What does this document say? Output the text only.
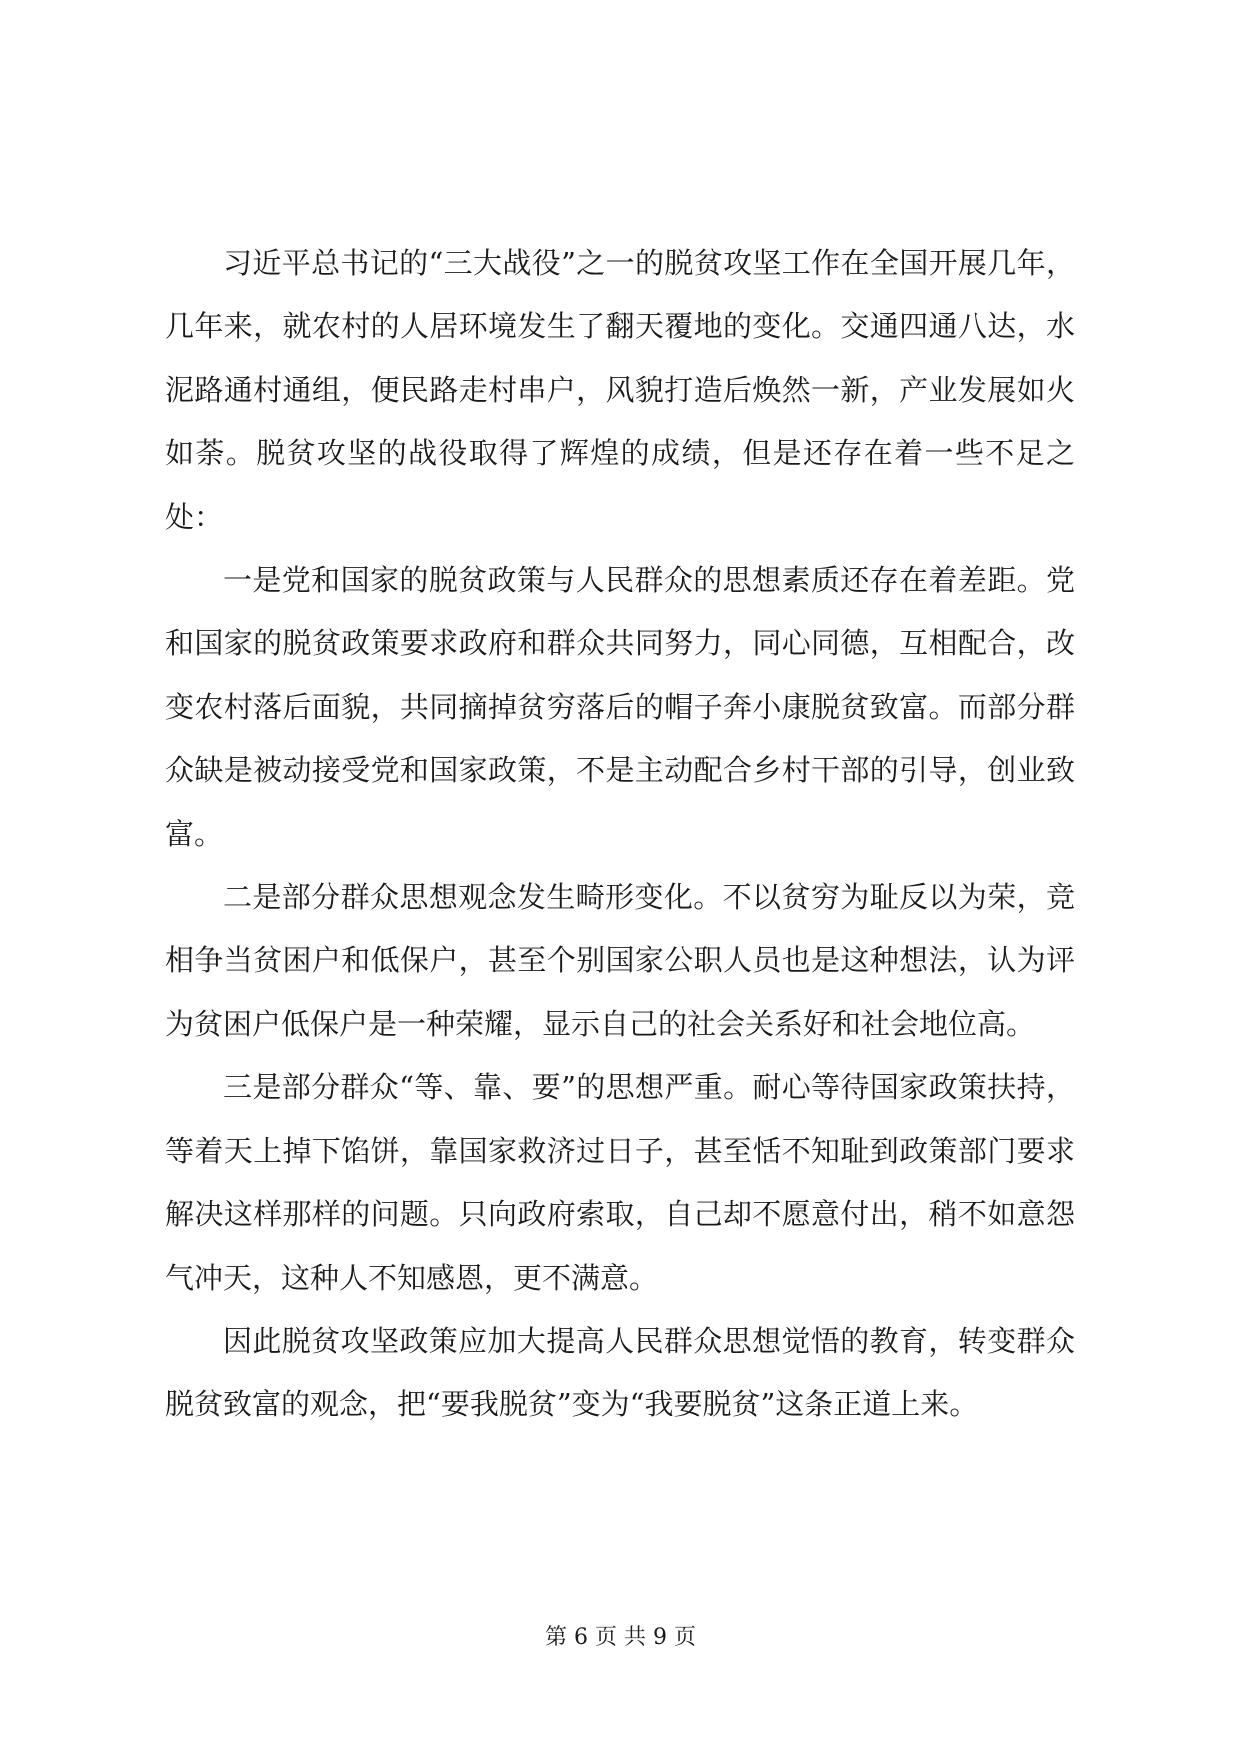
习近平总书记的“三大战役”之一的脱贫攻坚工作在全国开展几年，几年来，就农村的人居环境发生了翻天覆地的变化。交通四通八达，水泥路通村通组，便民路走村串户，风貌打造后焕然一新，产业发展如火如荼。脱贫攻坚的战役取得了辉煌的成绩，但是还存在着一些不足之处：

一是党和国家的脱贫政策与人民群众的思想素质还存在着差距。党和国家的脱贫政策要求政府和群众共同努力，同心同德，互相配合，改变农村落后面貌，共同摘掉贫穷落后的帽子奔小康脱贫致富。而部分群众缺是被动接受党和国家政策，不是主动配合乡村干部的引导，创业致富。

二是部分群众思想观念发生畸形变化。不以贫穷为耻反以为荣，竞相争当贫困户和低保户，甚至个别国家公职人员也是这种想法，认为评为贫困户低保户是一种荣耀，显示自己的社会关系好和社会地位高。

三是部分群众“等、靠、要”的思想严重。耐心等待国家政策扶持，等着天上掉下馅饼，靠国家救济过日子，甚至恬不知耻到政策部门要求解决这样那样的问题。只向政府索取，自己却不愿意付出，稍不如意怨气冲天，这种人不知感恩，更不满意。

因此脱贫攻坚政策应加大提高人民群众思想觉悟的教育，转变群众脱贫致富的观念，把“要我脱贫”变为“我要脱贫”这条正道上来。

第 6 页 共 9 页
